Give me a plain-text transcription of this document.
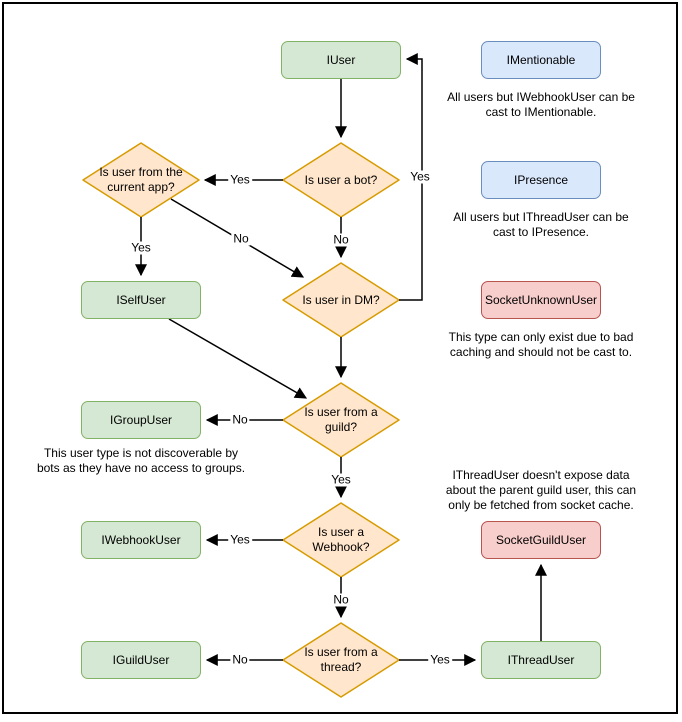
IUser	IMentionable
IPresence
SocketUnknownUser
ISelfUser
IGroupUser
IWebhookUser
IGuildUser
SocketGuildUser
IThreadUser
Is user from the current app?
Is user a bot?
Is user in DM?
Is user from a guild?
Is user a Webhook?
Is user from a thread?
Yes
No
Yes
No
Yes
No
Yes
Yes
No
No	Yes
All users but IWebhookUser can be cast to IMentionable.
All users but IThreadUser can be cast to IPresence.
This type can only exist due to bad caching and should not be cast to.
This user type is not discoverable by bots as they have no access to groups.	IThreadUser doesn't expose data about the parent guild user, this can only be fetched from socket cache.
